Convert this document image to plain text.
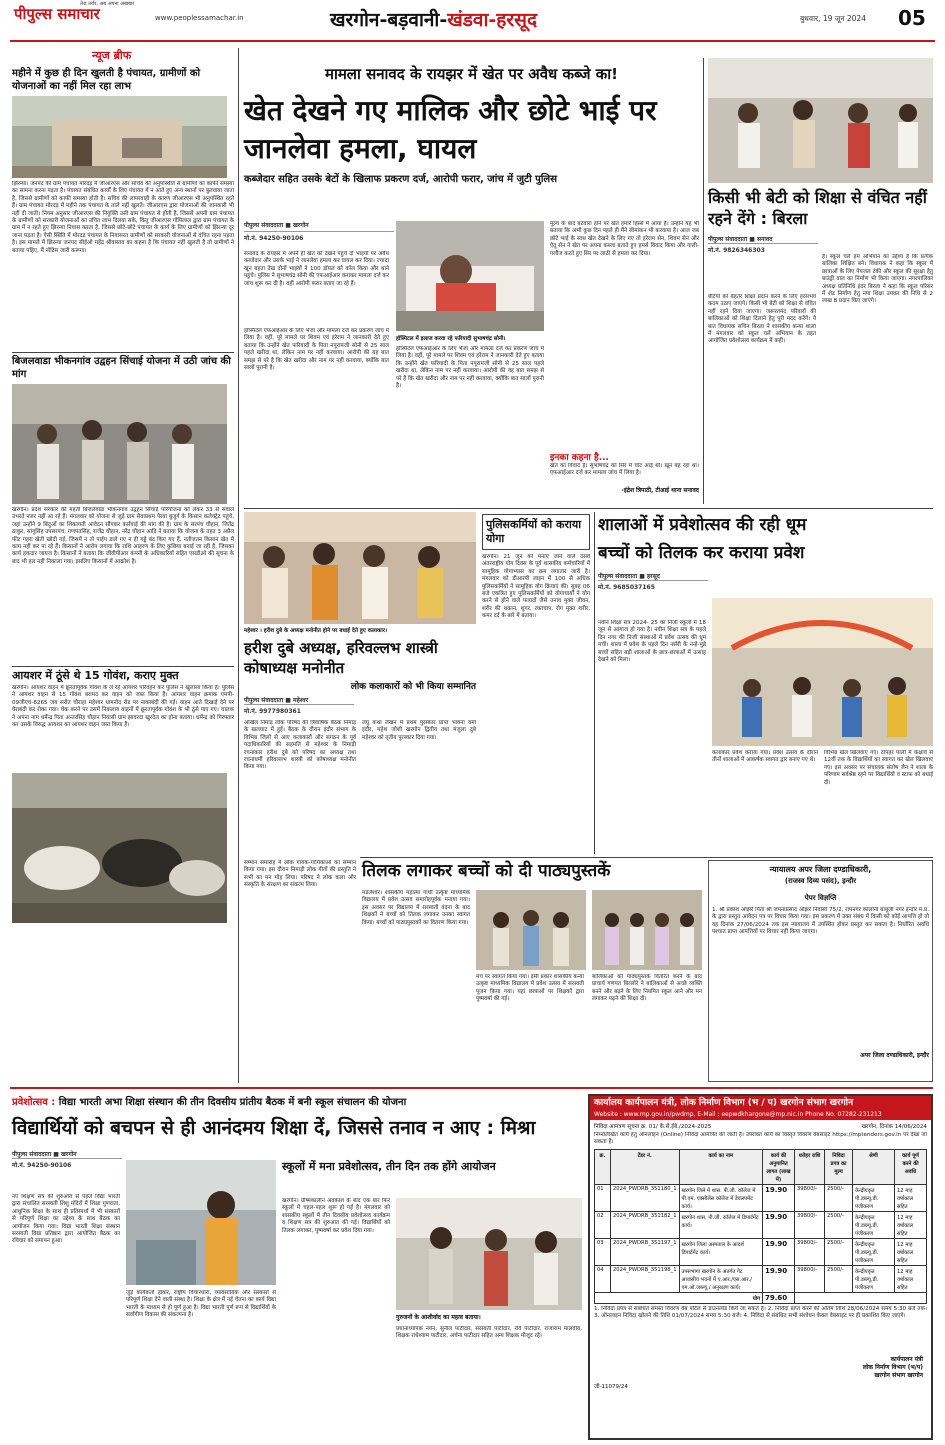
पीपुल्स समाचार
तेज तर्रार, अब अपना अखबार
www.peoplessamachar.in	खरगोन-बड़वानी-खंडवा-हरसूद	बुधवार, 19 जून 2024 05
न्यूज ब्रीफ
महीने में कुछ ही दिन खुलती है पंचायत, ग्रामीणों को योजनाओं का नहीं मिल रहा लाभ
झिरन्या। जनपद की ग्राम पंचायत मोरदड़ में जीआरएस और सचिव की अनुपस्थिति से ग्रामीणों को काफी समस्या का सामना करना पड़ता है। पंचायत संबंधित कार्यों के लिए पंचायत में न आते हुए अन्य स्थानों पर बुलवाया जाता है, जिससे ग्रामीणों को काफी समस्या होती है। सचिव की लापरवाही के कारण जीआरएस भी अनुपस्थित रहते हैं। ग्राम पंचायत मोरदड़ में महीने तक पंचायत के ताले नहीं खुलते। जीआरएस द्वारा योजनाओं की जानकारी भी नहीं दी जाती। नियम अनुसार जीआरएस की नियुक्ति उसी ग्राम पंचायत से होती है, जिससे अपनी ग्राम पंचायत के ग्रामीणों को सरकारी योजनाओं का उचित लाभ दिलवा सके, किंतु जीआरएस गोपिलाल द्वारा ग्राम पंचायत के ग्राम में न रहते हुए झिरन्या निवास करता है, जिससे छोटे-छोटे पंचायत के कार्य के लिए ग्रामीणों को झिरन्या दूर जाना पड़ता है। ऐसी स्थिति में मोरदड़ पंचायत के निवासरत ग्रामीणों को सरकारी योजनाओं से वंचित रहना पड़ता है। इस मामले में झिरन्या जनपद सीईओ महेंद्र श्रीवास्तव का कहना है कि पंचायत नहीं खुलती है तो ग्रामीणों ने बताया पहिए, मैं नोटिस जारी करूंगा।
बिजलवाडा भीकनगांव उद्वहन सिंचाई योजना में उठी जांच की मांग
खरगोन। प्रदेश सरकार की महती बिजलवाडा भीकनगांव उद्वहन सिंचाई परियोजना को लेकर 33 से सवाल उभरते नजर नहीं आ रहे हैं। मंगलवार को योजना से जुड़े ग्राम सेवाप्रथम पेरवा बुजुर्ग के किसान कलेक्ट्रेट पहुंचे, जहां उन्होंने 9 बिंदुओं का शिकायती आवेदन सौंपकर कार्रवाई की मांग की है। ग्राम के सरपंच चौहान, जितेंद्र ठाकुर, सांगुसिंह उपसरपंच, गणपतसिंह, राजेंद्र चौहान, नरेंद्र चौहान आदि ने बताया कि योजना के तहत 3 अप्रैल फीट गहरा खेती खोदी गई, जिसमें न तो पाईप डाले गए न ही गड्ढे बंद किए गए हैं, नतीजतन किसान खेत में काम नहीं कर पा रहे हैं। किसानों ने आरोप लगाया कि राशि आहरण के लिए कुछिया बनाई जा रही है, जिसका कार्य हकदार जायज है। किसानों ने बताया कि जीवीपीआर कंपनी के अधिकारियों सहित एसडीओ की सूचना के बाद भी हल नहीं निकाला गया। इसलिए किसानों में आक्रोश है।
आयशर में ठूंसे थे 15 गोवंश, कराए मुक्त
खरगोन। आयशर वाहन में क्रूरतापूर्वक गोवंश के ले रहे आयशर परिवहन कर पुलिस ने खुलासा किया है। पुलिस ने आयशर वाहन से 15 गोवंश बरामद कर वाहन को जब्त किया है। आयशर वाहन क्रमांक एमपी- 09जीएच-8265 जय सरोत चौराहा महेश्वर धामनोद रोड पर नाकाबंदी की गई। वाहन आते दिखाई देने पर घेराबंदी कर रोका गया। चेक करने पर उसमें निकलाय वाहनों में क्रूरतापूर्वक गोवंश के भी ठूंसे पाए गए। चालक ने अपना नाम धर्मेन्द्र पिता अन्तरसिंह चौहान निवासी ग्राम झावरदा खुरदेल का होना बताया। धर्मेन्द्र को गिरफ्तार कर उसके विरुद्ध आयशर का आयशर वाहन जब्त किया है।
मामला सनावद के रायझर में खेत पर अवैध कब्जे का!
खेत देखने गए मालिक और छोटे भाई पर जानलेवा हमला, घायल
कब्जेदार सहित उसके बेटों के खिलाफ प्रकरण दर्ज, आरोपी फरार, जांच में जुटी पुलिस
पीपुल्स संवाददाता ■ खरगोन
मो.नं. 94250-90106
सनावद के रायझर में अपने ही खेत को देखने पहुंचे दो भाइयों पर अवैध कब्जेदार और उसके भाई ने जानलेवा हमला कर घायल कर दिया। ज्यादा खून बहता देख दोनों भाइयों ने 100 डॉयल को कॉल किया और थाने पहुंचे। पुलिस ने सुभाषचंद्र सोनी की एफआईआर कराकर मामला दर्ज कर जांच शुरू कर दी है। वहीं आरोपी फरार बताए जा रहे हैं।
हॉस्पिटल एफआईआर के लिए भेजा और मामला दर्ज कर प्रकरण जांच में लिया है। वहीं, पूरे मामले पर शिवम एवं हरेराम ने जानकारी देते हुए बताया कि उन्होंने खेत फरियादी के पिता नपूरामजी सोनी से 25 साल पहले खरीदा था, लेकिन नाम पर नहीं करवाया। आरोपी की यह बात समझ से परे है कि खेत खरीदा और नाम पर नहीं करवाया, क्योंकि बात सालों पुरानी है।
हॉस्पिटल में इलाज करवा रहे फरियादी सुभाषचंद्र सोनी।
हॉस्पिटल एफआईआर के लिए भेजा और मामला दर्ज कर प्रकरण जांच में लिया है। वहीं, पूरे मामले पर शिवम एवं हरेराम ने जानकारी देते हुए बताया कि उन्होंने खेत फरियादी के पिता नपूरामजी सोनी से 25 साल पहले खरीदा था, लेकिन नाम पर नहीं करवाया। आरोपी की यह बात समझ से परे है कि खेत खरीदा और नाम पर नहीं करवाया, क्योंकि बात सालों पुरानी है।
मुल्य के बाद बंटवारा होने पर खेत हमारे हिस्से में आया है। उन्होंने यह भी बताया कि अभी कुछ दिन पहले ही मैंने सीमांकन भी करवाया है। आज जब छोटे भाई के साथ खेत देखने के लिए गए तो हरेराम सेन, शिवम सेन और ऐतू सेन ने खेत पर अपना कब्जा बताते हुए हमसे विवाद किया और गाली-गलौज करते हुए सिर पर लाठी से हमला कर दिया।
इनका कहना है...
खेत का विवाद है। सुभाषचंद्र को सिर में चोट आई थी। खून बह रहा था। एफआईआर दर्ज कर मामला जांच में लिया है।
-इंद्रेश त्रिपाठी, टीआई थाना सनावद
किसी भी बेटी को शिक्षा से वंचित नहीं रहने देंगे : बिरला
पीपुल्स संवाददाता ■ सनावद
मो.नं. 9826346303
बेटियों को बेहतर शिक्षा प्रदान करने के लिए हरसंभव कदम उठाए जाएंगे। किसी भी बेटी को शिक्षा से वंचित नहीं रहने दिया जाएगा। जरूरतमंद परिवारों की बालिकाओं को शिक्षा दिलाने हेतु पूरी मदद करेंगे। ये बात विधायक सचिन बिरला ने शासकीय कन्या शाला में मंगलवार को स्कूल चलें अभियान के तहत आयोजित प्रवेशोत्सव कार्यक्रम में कही।
है। स्कूल चलें हम अभियान का उद्देश्य है कि प्रत्येक बालिका शिक्षित बने। विधायक ने कहा कि स्कूल में छात्राओं के लिए पेयजल टंकी और स्कूल की सुरक्षा हेतु बाउंड्री वाल का निर्माण भी किया जाएगा। नगरपालिका अध्यक्ष प्रतिनिधि इंदर बिरला ने कहा कि स्कूल परिसर में शेड निर्माण हेतु नपा शिक्षा उपकर की निधि से 2 लाख 8 प्रदान किए जाएंगे।
महेश्वर । हरीश दुबे के अध्यक्ष मनोनीत होने पर बधाई देते हुए कलाकार।
हरीश दुबे अध्यक्ष, हरिवल्लभ शास्त्री कोषाध्यक्ष मनोनीत
लोक कलाकारों को भी किया सम्मानित
पीपुल्स संवाददाता ■ महेश्वर
मो.नं. 9977980361
अखिल निमाड़ लोक परिषद की त्रिवार्षिक बैठक निमाड़ के खलघाट में हुई। बैठक के दौरान इंदौर संभाग के विभिन्न जिलों से आए कलाकारों और संगठन के पूर्व पदाधिकारियों की सहमति से महेश्वर के निमाड़ी रचनाकार हरीश दुबे को परिषद का अध्यक्ष तथा रचनाधर्मी हरिवल्लभ शास्त्री को कोषाध्यक्ष मनोनीत किया गया।
लघु कथा लेखन में प्रथम पुरस्कार प्राप्त भावना वर्मा इंदौर, महेश जोशी खरगोन द्वितीय तथा मंजुला दुबे महेश्वर को तृतीय पुरस्कार दिया गया।
सम्मान समारोह में लोक गायक-गायिकाओं का सम्मान किया गया। इस दौरान निमाड़ी लोक गीतों की प्रस्तुति ने सभी का मन मोह लिया। परिषद ने लोक कला और संस्कृति के संरक्षण का संकल्प लिया।
पुलिसकर्मियों को कराया योगा
खरगोन। 21 जून को मनाए जाने वाले दसवें अंतरराष्ट्रीय योग दिवस के पूर्व शासकीय कर्मचारियों में सामूहिक योगाभ्यास का क्रम लगातार जारी है। मंगलवार को डीआरपी लाइन में 100 से अधिक पुलिसकर्मियों ने सामूहिक योग क्रियाएं की। सुबह 06 बजे एकत्रित हुए पुलिसकर्मियों को योगाचार्यों ने योग करने से होने वाले फायदों जैसे तनाव मुक्त जीवन, शरीर की थकान, शुगर, रक्तचाप, रोग मुक्त शरीर, कमर दर्द के बारे में बताया।
शालाओं में प्रवेशोत्सव की रही धूम
बच्चों को तिलक कर कराया प्रवेश
पीपुल्स संवाददाता ■ हरसूद
मो.नं. 9685037165
नवीन शिक्षा सत्र 2024- 25 का निजी स्कूलों में 18 जून से आगाज हो गया है। नवीन शिक्षा सत्र के पहले दिन नगर की निजी संस्थाओं में प्रवेश उत्सव की धूम मची। शाला में प्रवेश के पहले दिन नर्सरी के नन्हे-मुन्ने बच्चों सहित बड़ी शालाओं के छात्र-छात्राओं में उत्साह देखने को मिला।
कलाकार प्रवेश कराया गया। प्रवेश उत्सव के दौरान तीनों शालाओं में आकर्षक स्वागत द्वार बनाए गए थे।
विभिन्न खेल खिलवाए गए। दोपहर पाली में कक्षावें से 12वीं तक के विद्यार्थियों का स्वागत कर खेल खिलवाए गए। इस अवसर पर संचालक संतोष जैन ने शाला के परिणाम सर्वश्रेष्ठ रहने पर विद्यार्थियों व स्टाफ को बधाई दी।
तिलक लगाकर बच्चों को दी पाठ्यपुस्तकें
मंडलेश्वर। शासकीय महात्मा गांधी उत्कृष्ट माध्यमिक विद्यालय में प्रवेश उत्सव समारोहपूर्वक मनाया गया। इस अवसर पर विद्यालय में सरस्वती वंदना के बाद शिक्षकों ने बच्चों को तिलक लगाकर उनका स्वागत किया। बच्चों को पाठ्यपुस्तकों का वितरण किया गया।
मंच पर स्वागत किया गया। इसी प्रकार शासकीय कन्या उत्कृष्ट माध्यमिक विद्यालय में प्रवेश उत्सव में सरस्वती पूजन किया गया। यहां छात्राओं पर शिक्षकों द्वारा पुष्पवर्षा की गई।
बालिकाओं को पाठ्यपुस्तकें वितरित करने के बाद प्राचार्य गणपत बिल्लोरे ने बालिकाओं से अच्छे व्यक्ति बनने और बढ़ने के लिए नियमित स्कूल आने और मन लगाकर पढ़ने की शिक्षा दी।
न्यायालय अपर जिला दण्डाधिकारी,
(राजस्व दिव्य पसंद), इन्दौर
पेपर विज्ञप्ति
1. श्री प्रकाश ओझरे पिता श्री जमनाप्रसाद ओझरे निवासी 75/2, रामनगर कॉलोनी बाबूजी नगर इन्दौर म.प्र. के द्वारा प्रस्तुत आवेदन पत्र पर विचार किया गया। इस प्रकरण में उक्त संबंध में किसी को कोई आपत्ति हो तो वह दिनांक 27/06/2024 तक इस न्यायालय में उपस्थित होकर प्रस्तुत कर सकता है। निर्धारित अवधि पश्चात प्राप्त आपत्तियों पर विचार नहीं किया जाएगा।
अपर जिला दण्डाधिकारी, इन्दौर
प्रवेशोत्सव : विद्या भारती अभा शिक्षा संस्थान की तीन दिवसीय प्रांतीय बैठक में बनी स्कूल संचालन की योजना
विद्यार्थियों को बचपन से ही आनंदमय शिक्षा दें, जिससे तनाव न आए : मिश्रा
पीपुल्स संवाददाता ■ खरगोन
मो.नं. 94250-90106
नए शिक्षण सत्र की शुरुआत से पहले विद्या भारती द्वारा संचालित सरस्वती शिशु मंदिरों में शिक्षा गुणवत्ता, आधुनिक शिक्षा के साथ ही प्रतिस्पर्धा में भी संस्कारों से परिपूर्ण शिक्षा का उद्देश्य के साथ बैठक का आयोजन किया गया। विद्या भारती शिक्षा संस्थान सरस्वती विद्या प्रतिष्ठान द्वारा आयोजित बैठक का रविवार को समापन हुआ।
जुड़े कार्यकर्ता होकर, राष्ट्रीय विचारधारा, व्यावसायिक और संस्कारों से परिपूर्ण शिक्षा देने वाली संस्था है। शिक्षा के क्षेत्र में नई चेतना का कार्य विद्या भारती के माध्यम से हो पूर्ण हुआ है। विद्या भारती पूर्ण रूप से विद्यार्थियों के सर्वांगीण विकास की संकल्पना है।
स्कूलों में मना प्रवेशोत्सव, तीन दिन तक होंगे आयोजन
खरगोन। ग्रीष्मकालीन अवकाश के बाद एक बार फिर स्कूलों में चहल-पहल शुरू हो गई है। मंगलवार को शासकीय स्कूलों में तीन दिवसीय प्रवेशोत्सव कार्यक्रम व शिक्षण सत्र की शुरुआत की गई। विद्यार्थियों को तिलक लगाकर, पुष्पवर्षा कर प्रवेश दिया गया।
गुरुजनों के आशीर्वाद का महत्व बताया।
प्रधानाध्यापक नयन, सुनील पाटीदार, सरस्वती पाटीदार, रवि पाटीदार, राजाराम मालवीय, शिक्षक राधेश्याम पाटीदार, अर्चना पाटीदार सहित अन्य शिक्षक मौजूद रहे।
कार्यालय कार्यपालन यंत्री, लोक निर्माण विभाग (भ / प) खरगोन संभाग खरगोन
Website : www.mp.gov.in/pwdmp, E-Mail : eepwdkhargone@mp.nic.in Phone No. 07282-231213
निविदा आमंत्रण सूचना क्र. 01/ के.से.ईबे./2024-2025	खरगोन, दिनांक 14/06/2024
निम्नलिखित कार्य हेतु ऑनलाइन (Online) निविदा आमंत्रित की जाती है। उपरोक्त कार्य का विस्तृत विवरण वेबसाइट https://mptenders.gov.in पर देखा जा सकता है।
क्र.	टेंडर नं.	कार्य का नाम	कार्य की अनुमानित लागत (लाख में)	धरोहर राशि	निविदा प्रपत्र का मूल्य	श्रेणी	कार्य पूर्ण करने की अवधि
01	2024_PWDRB_351180_1	खरगोन जिले में शास. पी.जी. कॉलेज में पी.एम. एक्सीलेंस कॉलेज में डेवलपमेंट कार्य।	19.90	39800/-	2500/-	केन्द्रीयकृत पी.डब्ल्यू.डी. पंजीकरण	12 माह वर्षाकाल सहित
02	2024_PWDRB_351182_1	खरगोन शास. पी.जी. कॉलेज में डिपार्टमेंट कार्य।	19.90	39800/-	2500/-	केन्द्रीयकृत पी.डब्ल्यू.डी. पंजीकरण	12 माह वर्षाकाल सहित
03	2024_PWDRB_351197_1	खरगोन जिला अस्पताल के आदर्श डिपार्टमेंट कार्य।	19.90	39800/-	2500/-	केन्द्रीयकृत पी.डब्ल्यू.डी. पंजीकरण	12 माह वर्षाकाल सहित
04	2024_PWDRB_351198_1	उपसभागा खरगोन के अंतर्गत गेट आवासीय भवनों में ए.आर./एस.आर./एम.ओ.जब्ल्यू./ अनुरक्षण कार्य।	19.90	39800/-	2500/-	केन्द्रीयकृत पी.डब्ल्यू.डी. पंजीकरण	12 माह वर्षाकाल सहित
योग			79.60				
1. निविदा प्रपत्र से संबंधित समस्त विवरण वेब पोर्टल से डाउनलोड किये जा सकते हैं। 2. निविदा प्राप्त करने की अंतिम तिथि 28/06/2024 समय 5:30 बजे तक। 3. ऑनलाइन निविदा खोलने की तिथि 01/07/2024 समय 5:30 बजे। 4. निविदा से संबंधित सभी संशोधन केवल वेबसाइट पर ही प्रकाशित किए जाएंगे।
कार्यपालन यंत्री
लोक निर्माण विभाग (भ/प)
खरगोन संभाग खरगोन
जी-11079/24
